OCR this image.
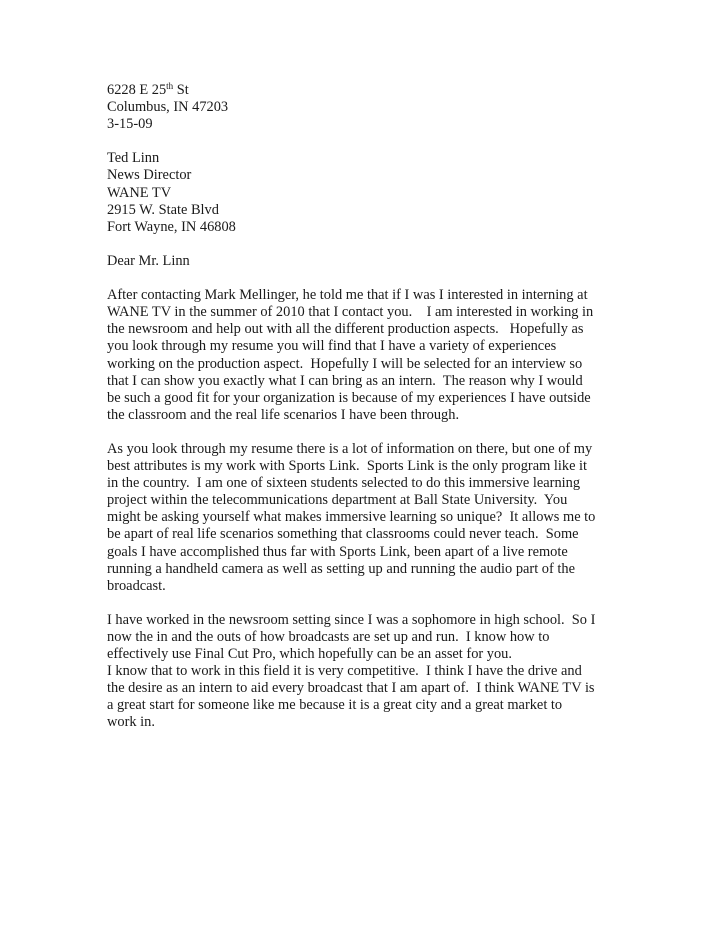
6228 E 25th St
Columbus, IN 47203
3-15-09
Ted Linn
News Director
WANE TV
2915 W. State Blvd
Fort Wayne, IN 46808
Dear Mr. Linn
After contacting Mark Mellinger, he told me that if I was I interested in interning at
WANE TV in the summer of 2010 that I contact you.    I am interested in working in
the newsroom and help out with all the different production aspects.   Hopefully as
you look through my resume you will find that I have a variety of experiences
working on the production aspect.  Hopefully I will be selected for an interview so
that I can show you exactly what I can bring as an intern.  The reason why I would
be such a good fit for your organization is because of my experiences I have outside
the classroom and the real life scenarios I have been through.
As you look through my resume there is a lot of information on there, but one of my
best attributes is my work with Sports Link.  Sports Link is the only program like it
in the country.  I am one of sixteen students selected to do this immersive learning
project within the telecommunications department at Ball State University.  You
might be asking yourself what makes immersive learning so unique?  It allows me to
be apart of real life scenarios something that classrooms could never teach.  Some
goals I have accomplished thus far with Sports Link, been apart of a live remote
running a handheld camera as well as setting up and running the audio part of the
broadcast.
I have worked in the newsroom setting since I was a sophomore in high school.  So I
now the in and the outs of how broadcasts are set up and run.  I know how to
effectively use Final Cut Pro, which hopefully can be an asset for you.
I know that to work in this field it is very competitive.  I think I have the drive and
the desire as an intern to aid every broadcast that I am apart of.  I think WANE TV is
a great start for someone like me because it is a great city and a great market to
work in.
